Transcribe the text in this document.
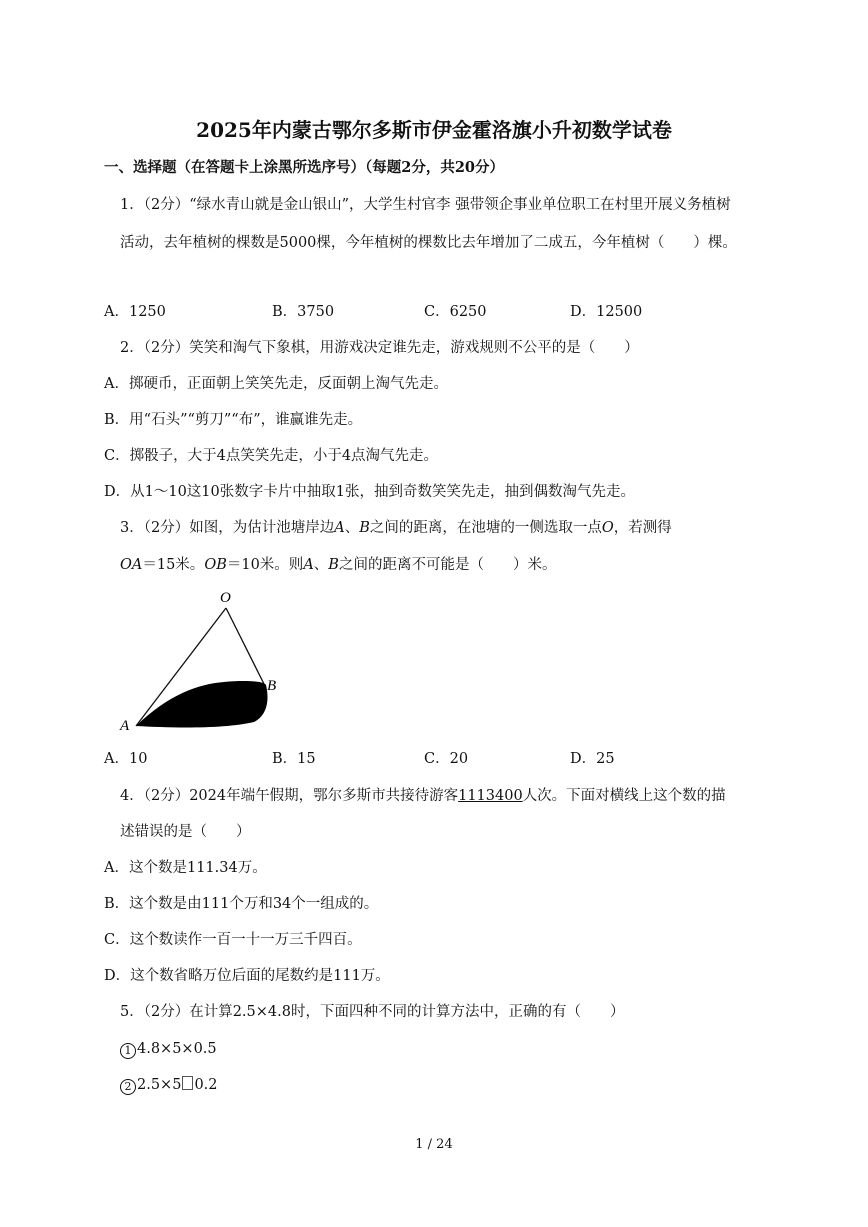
2025年内蒙古鄂尔多斯市伊金霍洛旗小升初数学试卷
一、选择题（在答题卡上涂黑所选序号）（每题2分，共20分）
1．（2分）“绿水青山就是金山银山”，大学生村官李 强带领企事业单位职工在村里开展义务植树
活动，去年植树的棵数是5000棵，今年植树的棵数比去年增加了二成五，今年植树（　　）棵。
A．1250	B．3750	C．6250	D．12500
2．（2分）笑笑和淘气下象棋，用游戏决定谁先走，游戏规则不公平的是（　　）
A．掷硬币，正面朝上笑笑先走，反面朝上淘气先走。
B．用“石头”“剪刀”“布”，谁赢谁先走。
C．掷骰子，大于4点笑笑先走，小于4点淘气先走。
D．从1～10这10张数字卡片中抽取1张，抽到奇数笑笑先走，抽到偶数淘气先走。
3．（2分）如图，为估计池塘岸边A、B之间的距离，在池塘的一侧选取一点O，若测得
OA＝15米。OB＝10米。则A、B之间的距离不可能是（　　）米。
O
A
B
A．10	B．15	C．20	D．25
4．（2分）2024年端午假期，鄂尔多斯市共接待游客1113400人次。下面对横线上这个数的描
述错误的是（　　）
A．这个数是111.34万。
B．这个数是由111个万和34个一组成的。
C．这个数读作一百一十一万三千四百。
D．这个数省略万位后面的尾数约是111万。
5．（2分）在计算2.5×4.8时，下面四种不同的计算方法中，正确的有（　　）
1 4.8×5×0.5
2 2.5×5 0.2
1 / 24
